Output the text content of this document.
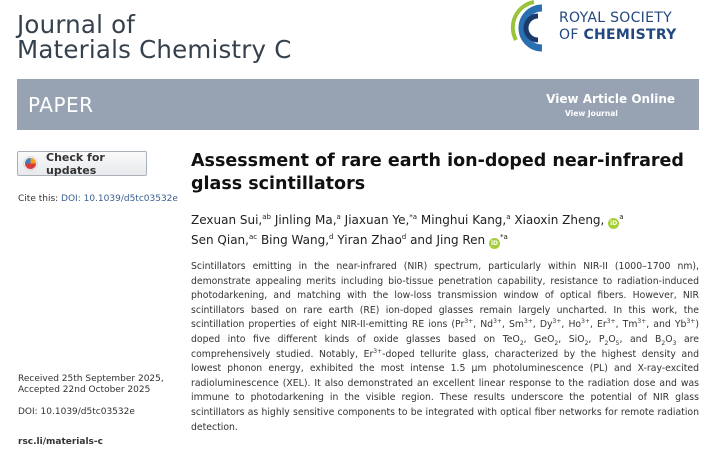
Journal of
Materials Chemistry C
ROYAL SOCIETY
OF CHEMISTRY
PAPER	View Article Online
View Journal
Check for updates
Cite this: DOI: 10.1039/d5tc03532e
Assessment of rare earth ion-doped near-infrared glass scintillators
Zexuan Sui,$^{ab}$ Jinling Ma,$^a$ Jiaxuan Ye,$^{*a}$ Minghui Kang,$^a$ Xiaoxin Zheng, $iD^a$
Sen Qian,$^{ac}$ Bing Wang,$^d$ Yiran Zhao$^d$ and Jing Ren $iD^{*a}$
Scintillators emitting in the near-infrared (NIR) spectrum, particularly within NIR-II (1000–1700 nm), demonstrate appealing merits including bio-tissue penetration capability, resistance to radiation-induced photodarkening, and matching with the low-loss transmission window of optical fibers. However, NIR scintillators based on rare earth (RE) ion-doped glasses remain largely uncharted. In this work, the scintillation properties of eight NIR-II-emitting RE ions ($Pr^{3+}$, $Nd^{3+}$, $Sm^{3+}$, $Dy^{3+}$, $Ho^{3+}$, $Er^{3+}$, $Tm^{3+}$, and $Yb^{3+}$) doped into five different kinds of oxide glasses based on TeO$_2$, GeO$_2$, SiO$_2$, $P_2O_5$, and $B_2O_3$ are comprehensively studied. Notably, $Er^{3+}$-doped tellurite glass, characterized by the highest density and lowest phonon energy, exhibited the most intense 1.5 μm photoluminescence (PL) and X-ray-excited radioluminescence (XEL). It also demonstrated an excellent linear response to the radiation dose and was immune to photodarkening in the visible region. These results underscore the potential of NIR glass scintillators as highly sensitive components to be integrated with optical fiber networks for remote radiation detection.
Received 25th September 2025,
Accepted 22nd October 2025
DOI: 10.1039/d5tc03532e
rsc.li/materials-c
